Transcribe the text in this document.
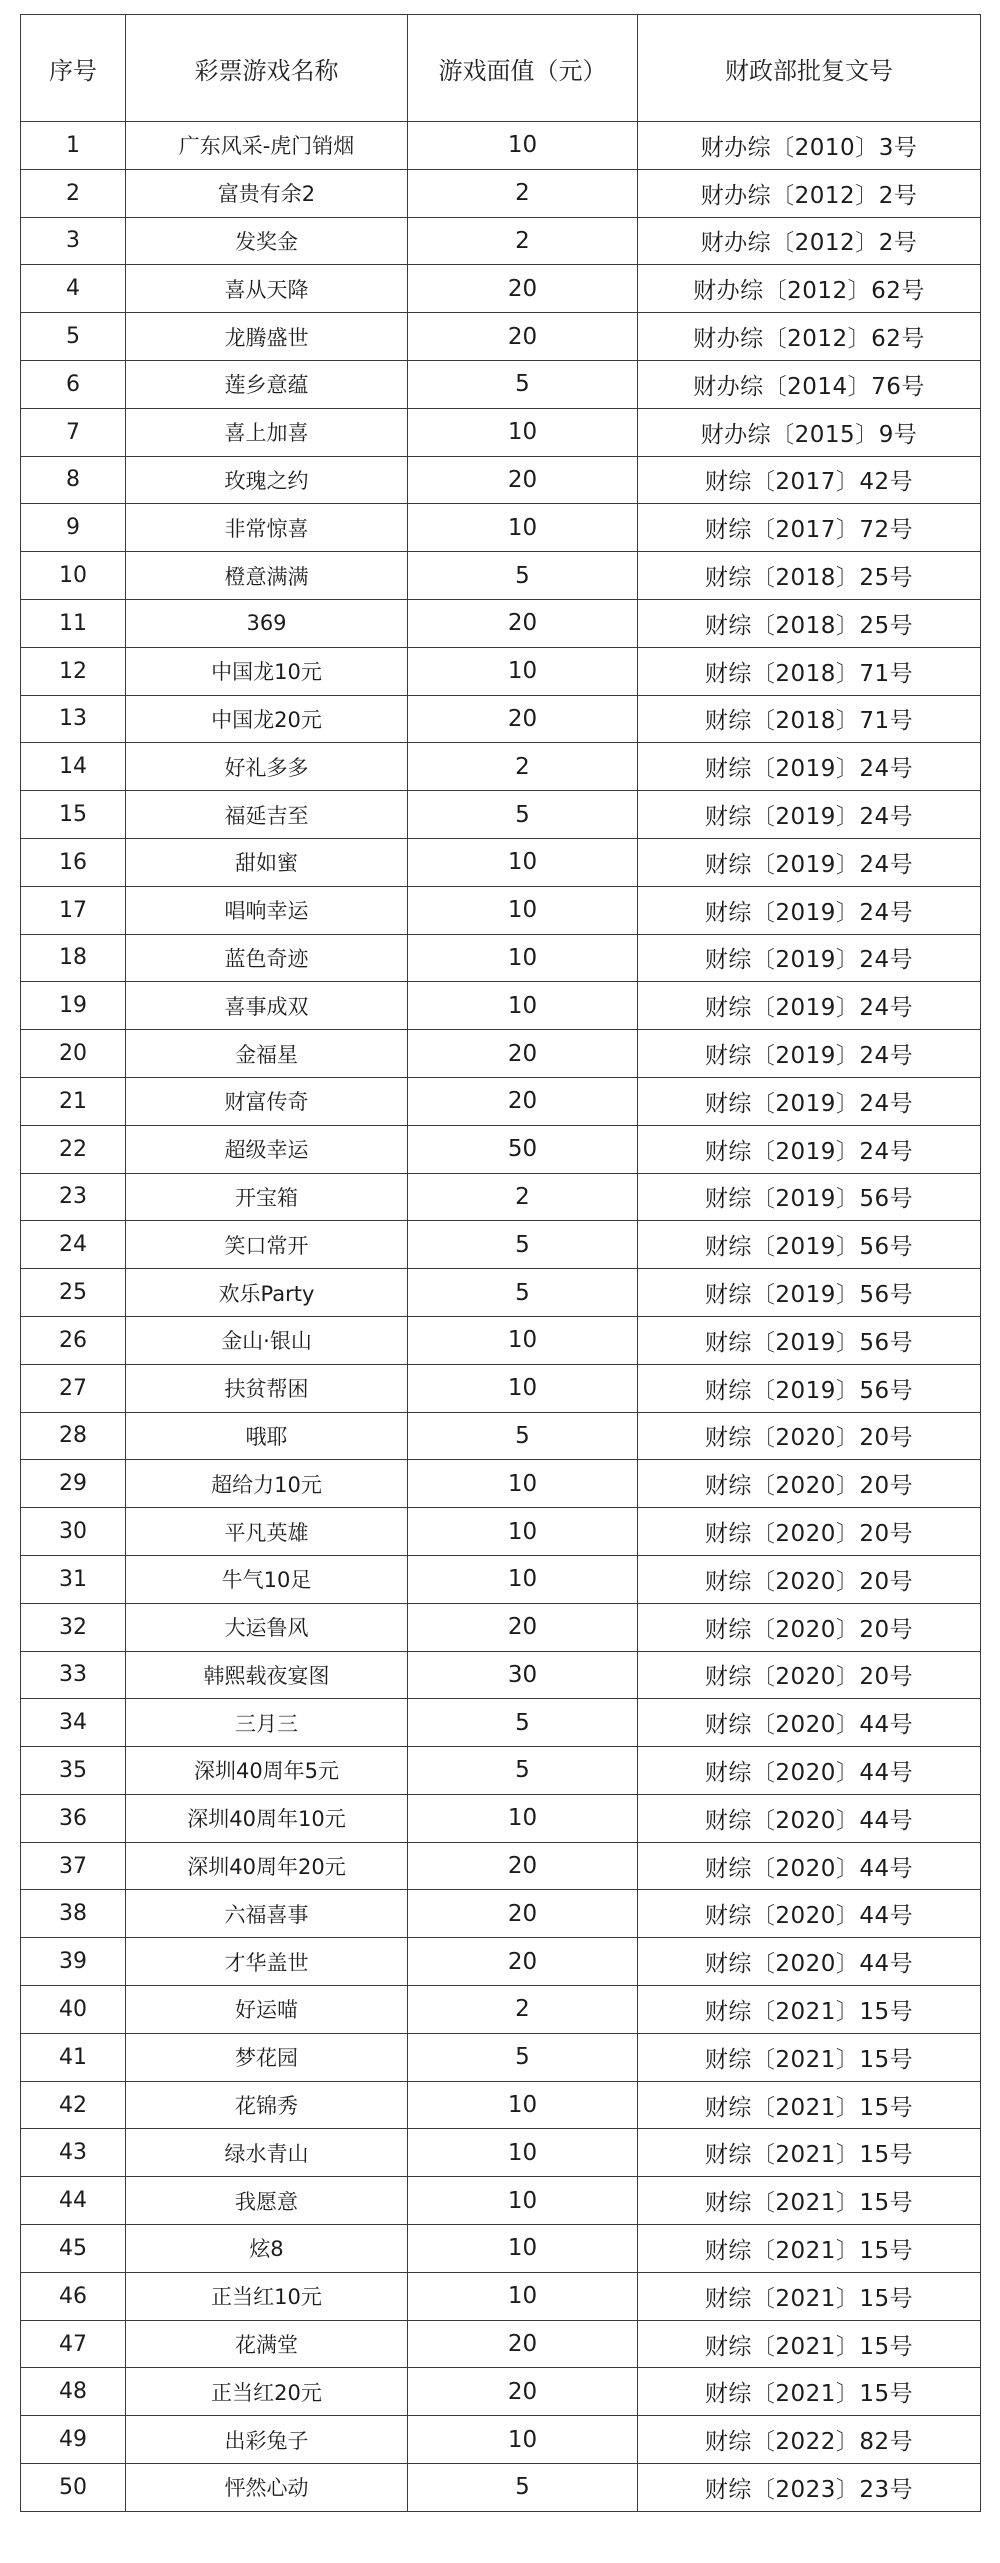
序号	彩票游戏名称	游戏面值（元）	财政部批复文号
1	广东风采-虎门销烟	10	财办综〔2010〕3号
2	富贵有余2	2	财办综〔2012〕2号
3	发奖金	2	财办综〔2012〕2号
4	喜从天降	20	财办综〔2012〕62号
5	龙腾盛世	20	财办综〔2012〕62号
6	莲乡意蕴	5	财办综〔2014〕76号
7	喜上加喜	10	财办综〔2015〕9号
8	玫瑰之约	20	财综〔2017〕42号
9	非常惊喜	10	财综〔2017〕72号
10	橙意满满	5	财综〔2018〕25号
11	369	20	财综〔2018〕25号
12	中国龙10元	10	财综〔2018〕71号
13	中国龙20元	20	财综〔2018〕71号
14	好礼多多	2	财综〔2019〕24号
15	福延吉至	5	财综〔2019〕24号
16	甜如蜜	10	财综〔2019〕24号
17	唱响幸运	10	财综〔2019〕24号
18	蓝色奇迹	10	财综〔2019〕24号
19	喜事成双	10	财综〔2019〕24号
20	金福星	20	财综〔2019〕24号
21	财富传奇	20	财综〔2019〕24号
22	超级幸运	50	财综〔2019〕24号
23	开宝箱	2	财综〔2019〕56号
24	笑口常开	5	财综〔2019〕56号
25	欢乐Party	5	财综〔2019〕56号
26	金山·银山	10	财综〔2019〕56号
27	扶贫帮困	10	财综〔2019〕56号
28	哦耶	5	财综〔2020〕20号
29	超给力10元	10	财综〔2020〕20号
30	平凡英雄	10	财综〔2020〕20号
31	牛气10足	10	财综〔2020〕20号
32	大运鲁风	20	财综〔2020〕20号
33	韩熙载夜宴图	30	财综〔2020〕20号
34	三月三	5	财综〔2020〕44号
35	深圳40周年5元	5	财综〔2020〕44号
36	深圳40周年10元	10	财综〔2020〕44号
37	深圳40周年20元	20	财综〔2020〕44号
38	六福喜事	20	财综〔2020〕44号
39	才华盖世	20	财综〔2020〕44号
40	好运喵	2	财综〔2021〕15号
41	梦花园	5	财综〔2021〕15号
42	花锦秀	10	财综〔2021〕15号
43	绿水青山	10	财综〔2021〕15号
44	我愿意	10	财综〔2021〕15号
45	炫8	10	财综〔2021〕15号
46	正当红10元	10	财综〔2021〕15号
47	花满堂	20	财综〔2021〕15号
48	正当红20元	20	财综〔2021〕15号
49	出彩兔子	10	财综〔2022〕82号
50	怦然心动	5	财综〔2023〕23号
